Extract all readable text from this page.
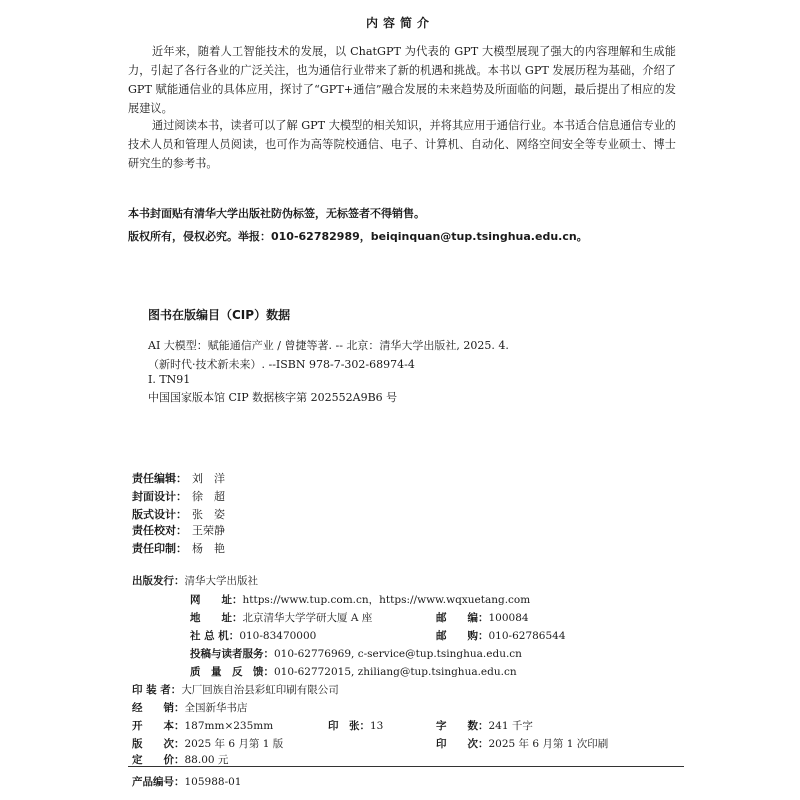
内容简介

近年来，随着人工智能技术的发展，以 ChatGPT 为代表的 GPT 大模型展现了强大的内容理解和生成能力，引起了各行各业的广泛关注，也为通信行业带来了新的机遇和挑战。本书以 GPT 发展历程为基础，介绍了 GPT 赋能通信业的具体应用，探讨了“GPT+通信”融合发展的未来趋势及所面临的问题，最后提出了相应的发展建议。

通过阅读本书，读者可以了解 GPT 大模型的相关知识，并将其应用于通信行业。本书适合信息通信专业的技术人员和管理人员阅读，也可作为高等院校通信、电子、计算机、自动化、网络空间安全等专业硕士、博士研究生的参考书。

本书封面贴有清华大学出版社防伪标签，无标签者不得销售。

版权所有，侵权必究。举报：010-62782989，beiqinquan@tup.tsinghua.edu.cn。

图书在版编目（CIP）数据
AI 大模型：赋能通信产业 / 曾捷等著. -- 北京：清华大学出版社, 2025. 4.
（新时代·技术新未来）. --ISBN 978-7-302-68974-4
Ⅰ. TN91
中国国家版本馆 CIP 数据核字第 202552A9B6 号
责任编辑： 刘　洋
封面设计： 徐　超
版式设计： 张　姿
责任校对： 王荣静
责任印制： 杨　艳
出版发行：清华大学出版社
网　　址：https://www.tup.com.cn，https://www.wqxuetang.com
地　　址：北京清华大学学研大厦 A 座	邮　　编：100084
社 总 机：010-83470000	邮　　购：010-62786544
投稿与读者服务：010-62776969, c-service@tup.tsinghua.edu.cn
质　量　反　馈：010-62772015, zhiliang@tup.tsinghua.edu.cn
印 装 者：大厂回族自治县彩虹印刷有限公司
经　　销：全国新华书店
开　　本：187mm×235mm	印　张：13	字　　数：241 千字
版　　次：2025 年 6 月第 1 版	印　　次：2025 年 6 月第 1 次印刷
定　　价：88.00 元
产品编号：105988-01
